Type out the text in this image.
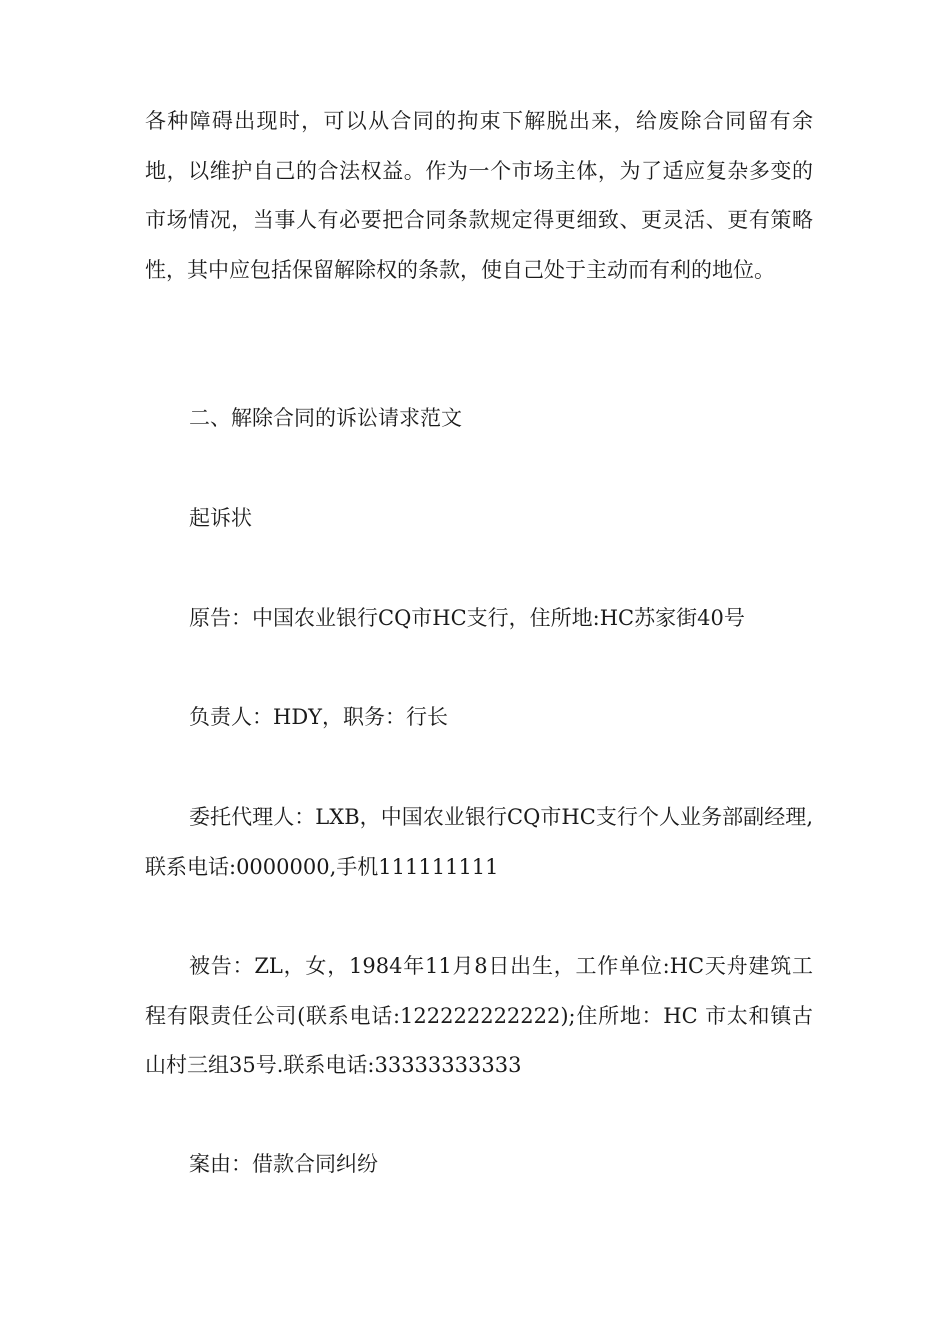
各种障碍出现时，可以从合同的拘束下解脱出来，给废除合同留有余地，以维护自己的合法权益。作为一个市场主体，为了适应复杂多变的市场情况，当事人有必要把合同条款规定得更细致、更灵活、更有策略性，其中应包括保留解除权的条款，使自己处于主动而有利的地位。

二、解除合同的诉讼请求范文

起诉状

原告：中国农业银行CQ市HC支行，住所地:HC苏家街40号

负责人：HDY，职务：行长

委托代理人：LXB，中国农业银行CQ市HC支行个人业务部副经理,联系电话:0000000,手机111111111

被告：ZL，女，1984年11月8日出生，工作单位:HC天舟建筑工程有限责任公司(联系电话:122222222222);住所地：HC 市太和镇古山村三组35号.联系电话:33333333333

案由：借款合同纠纷
